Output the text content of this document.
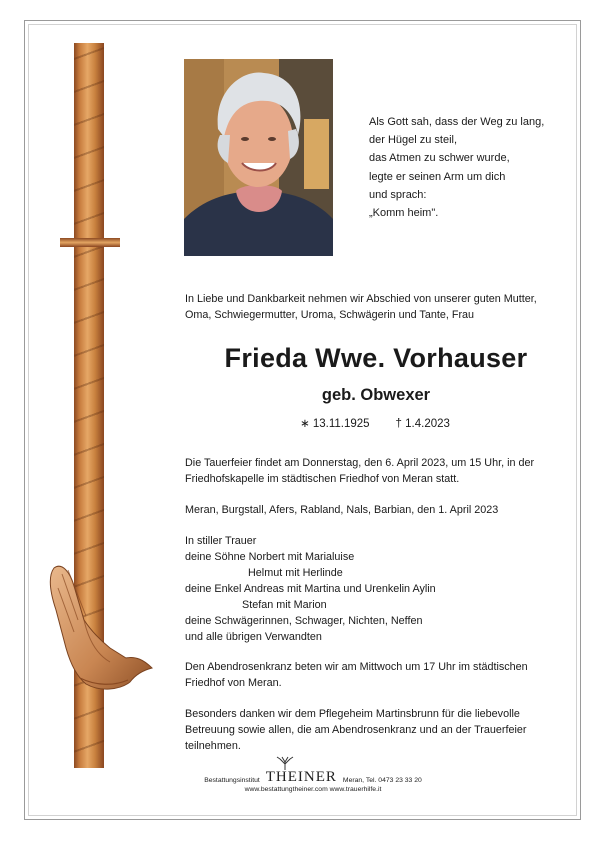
Als Gott sah, dass der Weg zu lang,
der Hügel zu steil,
das Atmen zu schwer wurde,
legte er seinen Arm um dich
und sprach:
„Komm heim".
In Liebe und Dankbarkeit nehmen wir Abschied von unserer guten Mutter, Oma, Schwiegermutter, Uroma, Schwägerin und Tante, Frau
Frieda Wwe. Vorhauser
geb. Obwexer
∗ 13.11.1925 † 1.4.2023
Die Tauerfeier findet am Donnerstag, den 6. April 2023, um 15 Uhr, in der Friedhofskapelle im städtischen Friedhof von Meran statt.
Meran, Burgstall, Afers, Rabland, Nals, Barbian, den 1. April 2023
In stiller Trauer
deine Söhne Norbert mit Marialuise
Helmut mit Herlinde
deine Enkel Andreas mit Martina und Urenkelin Aylin
Stefan mit Marion
deine Schwägerinnen, Schwager, Nichten, Neffen
und alle übrigen Verwandten
Den Abendrosenkranz beten wir am Mittwoch um 17 Uhr im städtischen Friedhof von Meran.
Besonders danken wir dem Pflegeheim Martinsbrunn für die liebevolle Betreuung sowie allen, die am Abendrosenkranz und an der Trauerfeier teilnehmen.
Bestattungsinstitut THEINER Meran, Tel. 0473 23 33 20
www.bestattungtheiner.com www.trauerhilfe.it
